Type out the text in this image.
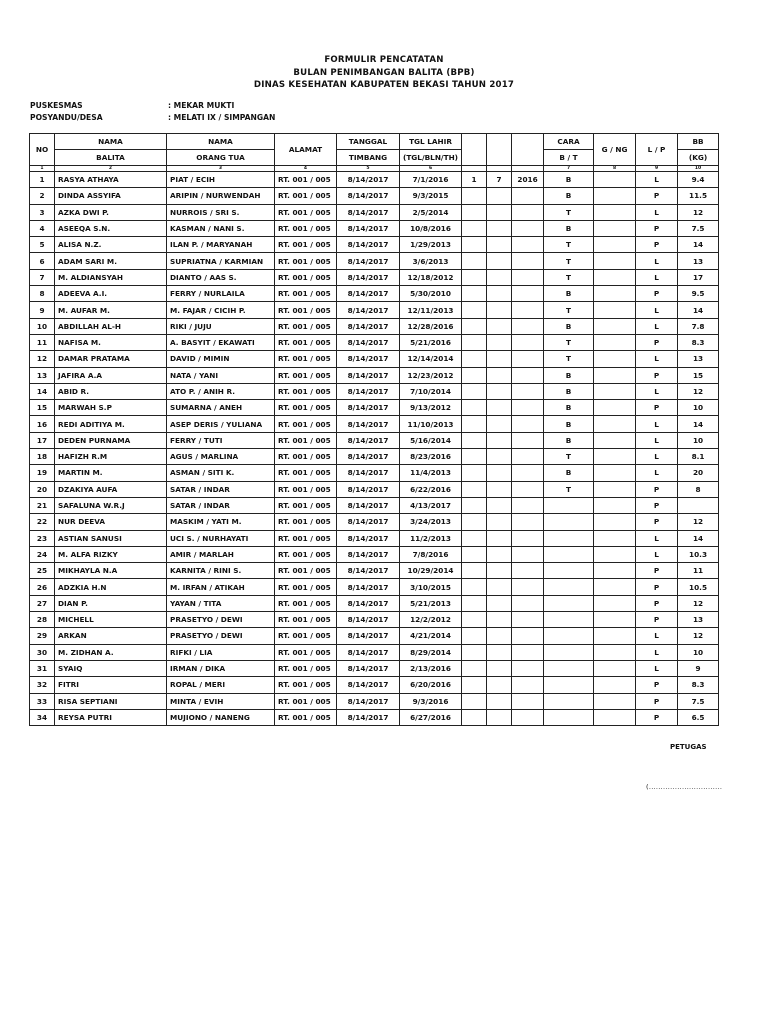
FORMULIR PENCATATAN
BULAN PENIMBANGAN BALITA (BPB)
DINAS KESEHATAN KABUPATEN BEKASI TAHUN 2017
PUSKESMAS	: MEKAR MUKTI
POSYANDU/DESA	: MELATI IX / SIMPANGAN
NO	NAMA	NAMA	ALAMAT	TANGGAL	TGL LAHIR				CARA	G / NG	L / P	BB
	BALITA	ORANG TUA		TIMBANG	(TGL/BLN/TH)				B / T			(KG)
1	2	3	4	5	6				7	8	9	10
1	RASYA ATHAYA	PIAT / ECIH	RT. 001 / 005	8/14/2017	7/1/2016	1	7	2016	B		L	9.4
2	DINDA ASSYIFA	ARIPIN / NURWENDAH	RT. 001 / 005	8/14/2017	9/3/2015				B		P	11.5
3	AZKA DWI P.	NURROIS / SRI S.	RT. 001 / 005	8/14/2017	2/5/2014				T		L	12
4	ASEEQA S.N.	KASMAN / NANI S.	RT. 001 / 005	8/14/2017	10/8/2016				B		P	7.5
5	ALISA N.Z.	ILAN P. / MARYANAH	RT. 001 / 005	8/14/2017	1/29/2013				T		P	14
6	ADAM SARI M.	SUPRIATNA / KARMIAN	RT. 001 / 005	8/14/2017	3/6/2013				T		L	13
7	M. ALDIANSYAH	DIANTO / AAS S.	RT. 001 / 005	8/14/2017	12/18/2012				T		L	17
8	ADEEVA A.I.	FERRY / NURLAILA	RT. 001 / 005	8/14/2017	5/30/2010				B		P	9.5
9	M. AUFAR M.	M. FAJAR / CICIH P.	RT. 001 / 005	8/14/2017	12/11/2013				T		L	14
10	ABDILLAH AL-H	RIKI / JUJU	RT. 001 / 005	8/14/2017	12/28/2016				B		L	7.8
11	NAFISA M.	A. BASYIT / EKAWATI	RT. 001 / 005	8/14/2017	5/21/2016				T		P	8.3
12	DAMAR PRATAMA	DAVID / MIMIN	RT. 001 / 005	8/14/2017	12/14/2014				T		L	13
13	JAFIRA A.A	NATA / YANI	RT. 001 / 005	8/14/2017	12/23/2012				B		P	15
14	ABID R.	ATO P. / ANIH R.	RT. 001 / 005	8/14/2017	7/10/2014				B		L	12
15	MARWAH S.P	SUMARNA / ANEH	RT. 001 / 005	8/14/2017	9/13/2012				B		P	10
16	REDI ADITIYA M.	ASEP DERIS / YULIANA	RT. 001 / 005	8/14/2017	11/10/2013				B		L	14
17	DEDEN PURNAMA	FERRY / TUTI	RT. 001 / 005	8/14/2017	5/16/2014				B		L	10
18	HAFIZH R.M	AGUS / MARLINA	RT. 001 / 005	8/14/2017	8/23/2016				T		L	8.1
19	MARTIN M.	ASMAN / SITI K.	RT. 001 / 005	8/14/2017	11/4/2013				B		L	20
20	DZAKIYA AUFA	SATAR / INDAR	RT. 001 / 005	8/14/2017	6/22/2016				T		P	8
21	SAFALUNA W.R.J	SATAR / INDAR	RT. 001 / 005	8/14/2017	4/13/2017						P	
22	NUR DEEVA	MASKIM / YATI M.	RT. 001 / 005	8/14/2017	3/24/2013						P	12
23	ASTIAN SANUSI	UCI S. / NURHAYATI	RT. 001 / 005	8/14/2017	11/2/2013						L	14
24	M. ALFA RIZKY	AMIR / MARLAH	RT. 001 / 005	8/14/2017	7/8/2016						L	10.3
25	MIKHAYLA N.A	KARNITA / RINI S.	RT. 001 / 005	8/14/2017	10/29/2014						P	11
26	ADZKIA H.N	M. IRFAN / ATIKAH	RT. 001 / 005	8/14/2017	3/10/2015						P	10.5
27	DIAN P.	YAYAN / TITA	RT. 001 / 005	8/14/2017	5/21/2013						P	12
28	MICHELL	PRASETYO / DEWI	RT. 001 / 005	8/14/2017	12/2/2012						P	13
29	ARKAN	PRASETYO / DEWI	RT. 001 / 005	8/14/2017	4/21/2014						L	12
30	M. ZIDHAN A.	RIFKI / LIA	RT. 001 / 005	8/14/2017	8/29/2014						L	10
31	SYAIQ	IRMAN / DIKA	RT. 001 / 005	8/14/2017	2/13/2016						L	9
32	FITRI	ROPAL / MERI	RT. 001 / 005	8/14/2017	6/20/2016						P	8.3
33	RISA SEPTIANI	MINTA / EVIH	RT. 001 / 005	8/14/2017	9/3/2016						P	7.5
34	REYSA PUTRI	MUJIONO / NANENG	RT. 001 / 005	8/14/2017	6/27/2016						P	6.5
PETUGAS
(...............................
